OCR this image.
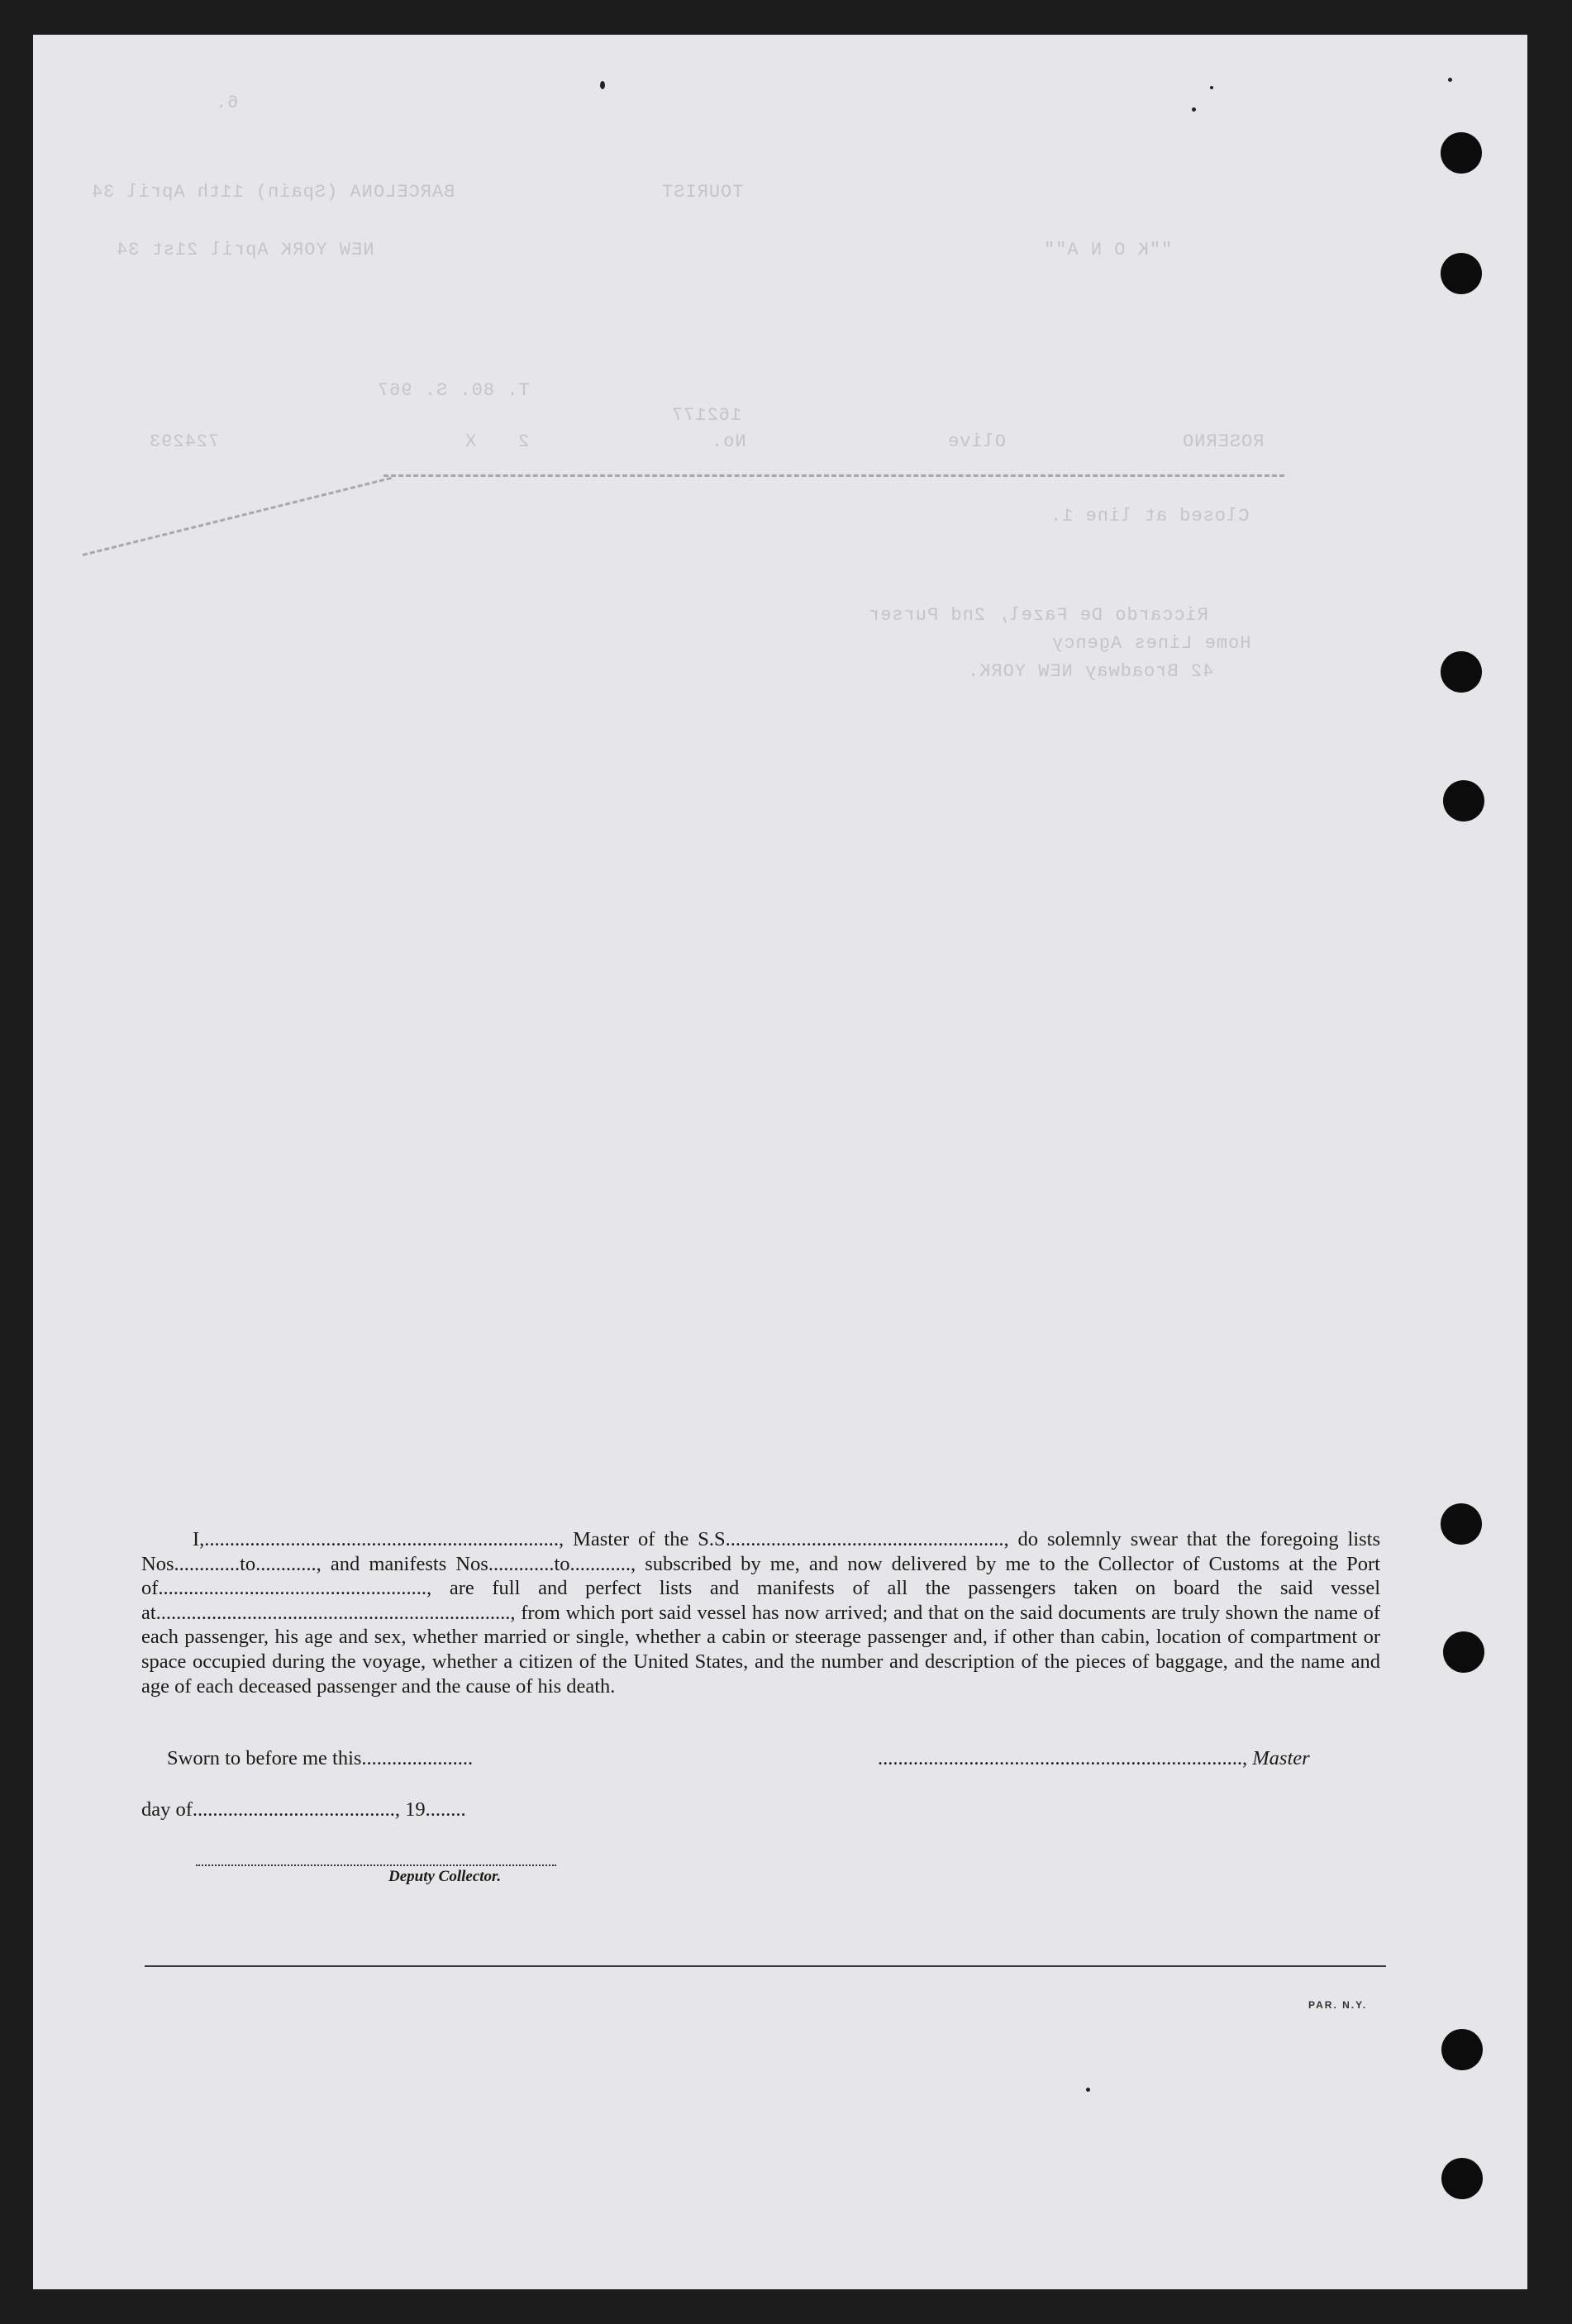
6.
TOURIST
BARCELONA (Spain) 11th April 34
""K O N A""
NEW YORK April 21st 34
T. 80. S. 967
162177
ROSERNO
Olive
No.
2
X
724293
Closed at line 1.
Riccardo De Fazel, 2nd Purser
Home Lines Agency
42 Broadway NEW YORK.

I,......................................................................, Master of the S.S......................................................., do solemnly swear that the foregoing lists Nos.............to............, and manifests Nos.............to............, subscribed by me, and now delivered by me to the Collector of Customs at the Port of....................................................., are full and perfect lists and manifests of all the passengers taken on board the said vessel at......................................................................, from which port said vessel has now arrived; and that on the said documents are truly shown the name of each passenger, his age and sex, whether married or single, whether a cabin or steerage passenger and, if other than cabin, location of compartment or space occupied during the voyage, whether a citizen of the United States, and the number and description of the pieces of baggage, and the name and age of each deceased passenger and the cause of his death.

Sworn to before me this......................	........................................................................, Master
day of........................................, 19........
Deputy Collector.
PAR. N.Y.
